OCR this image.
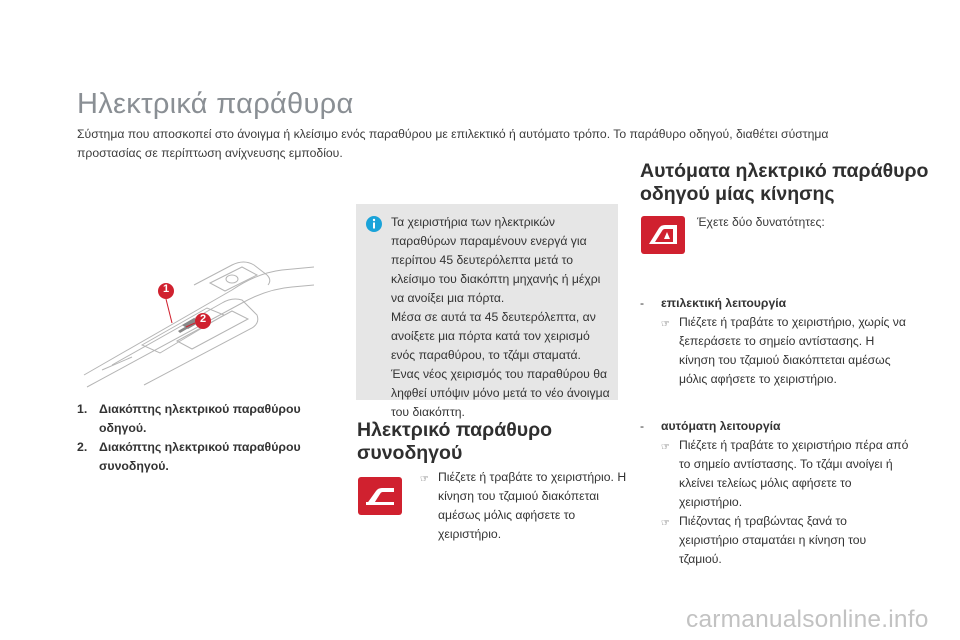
Ηλεκτρικά παράθυρα
Σύστημα που αποσκοπεί στο άνοιγμα ή κλείσιμο ενός παραθύρου με επιλεκτικό ή αυτόματο τρόπο. Το παράθυρο οδηγού, διαθέτει σύστημα προστασίας σε περίπτωση ανίχνευσης εμποδίου.
1
2
1. Διακόπτης ηλεκτρικού παραθύρου οδηγού.
2. Διακόπτης ηλεκτρικού παραθύρου συνοδηγού.
Τα χειριστήρια των ηλεκτρικών παραθύρων παραμένουν ενεργά για περίπου 45 δευτερόλεπτα μετά το κλείσιμο του διακόπτη μηχανής ή μέχρι να ανοίξει μια πόρτα.
Μέσα σε αυτά τα 45 δευτερόλεπτα, αν ανοίξετε μια πόρτα κατά τον χειρισμό ενός παραθύρου, το τζάμι σταματά.
Ένας νέος χειρισμός του παραθύρου θα ληφθεί υπόψιν μόνο μετά το νέο άνοιγμα του διακόπτη.
Ηλεκτρικό παράθυρο συνοδηγού
☞ Πιέζετε ή τραβάτε το χειριστήριο. Η κίνηση του τζαμιού διακόπεται αμέσως μόλις αφήσετε το χειριστήριο.
Αυτόματα ηλεκτρικό παράθυρο οδηγού μίας κίνησης
Έχετε δύο δυνατότητες:
-	επιλεκτική λειτουργία
☞ Πιέζετε ή τραβάτε το χειριστήριο, χωρίς να ξεπεράσετε το σημείο αντίστασης. Η κίνηση του τζαμιού διακόπτεται αμέσως μόλις αφήσετε το χειριστήριο.
-	αυτόματη λειτουργία
☞ Πιέζετε ή τραβάτε το χειριστήριο πέρα από το σημείο αντίστασης. Το τζάμι ανοίγει ή κλείνει τελείως μόλις αφήσετε το χειριστήριο.
☞ Πιέζοντας ή τραβώντας ξανά το χειριστήριο σταματάει η κίνηση του τζαμιού.
carmanualsonline.info
